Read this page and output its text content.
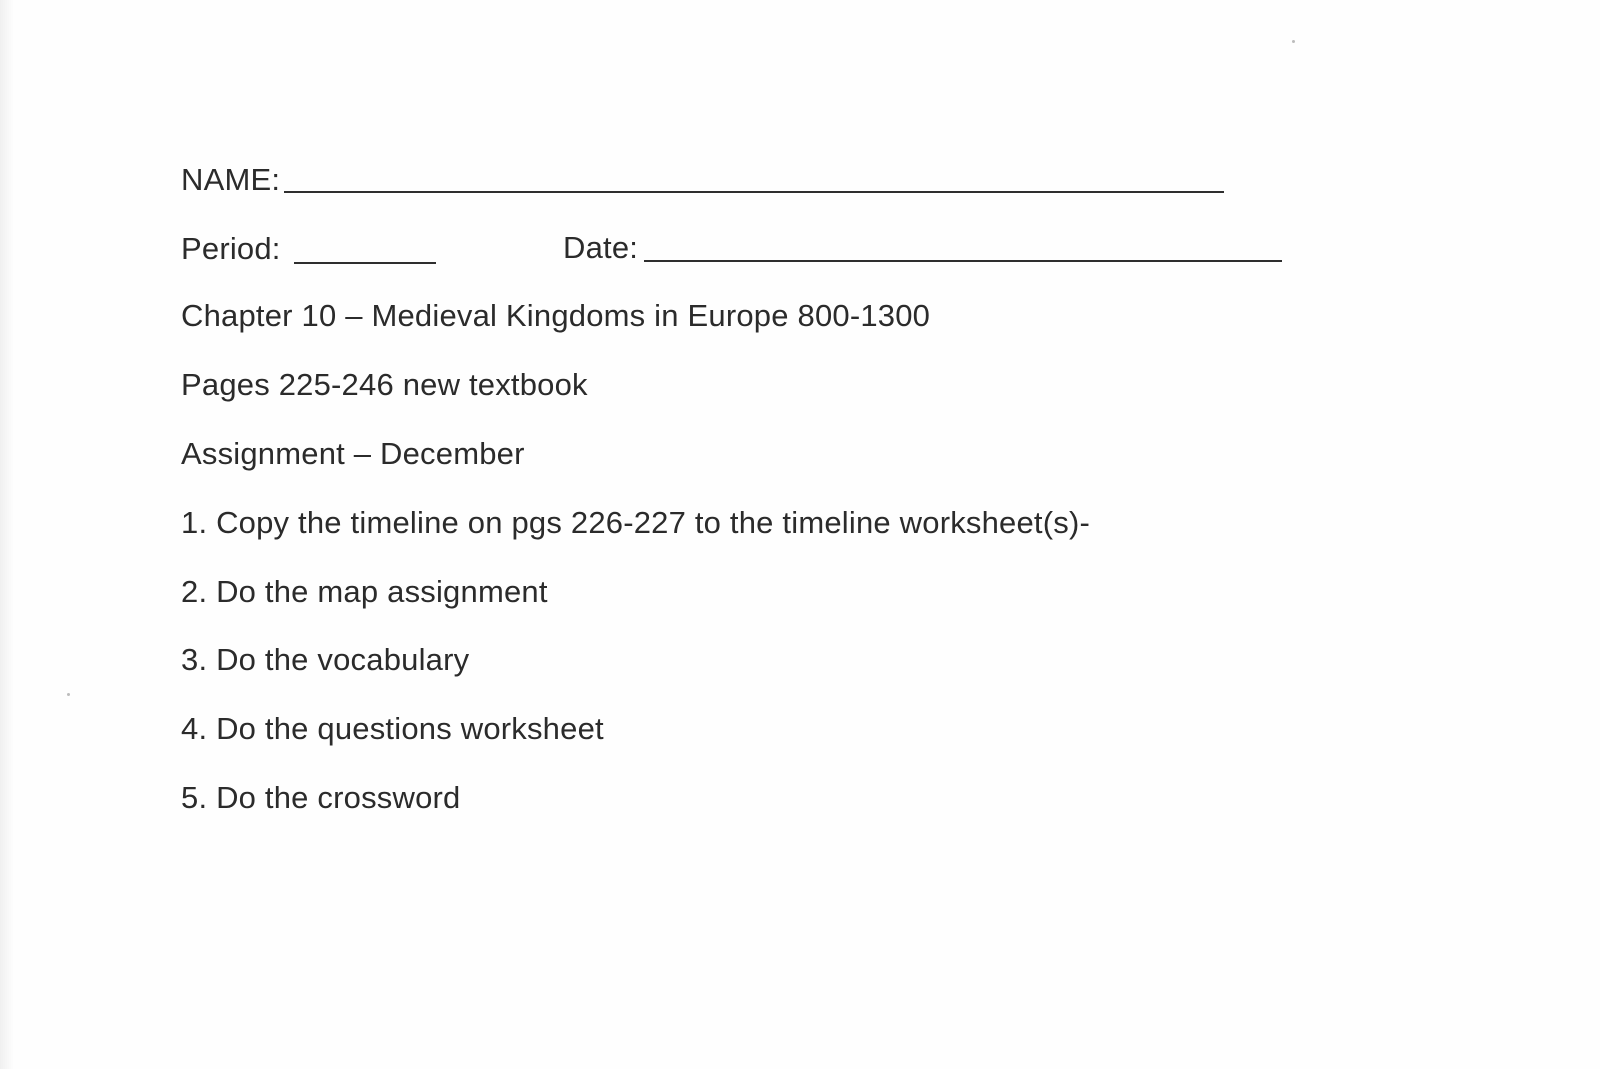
NAME:
Period:	Date:
Chapter 10 – Medieval Kingdoms in Europe 800-1300
Pages 225-246 new textbook
Assignment – December
1. Copy the timeline on pgs 226-227 to the timeline worksheet(s)-
2. Do the map assignment
3. Do the vocabulary
4. Do the questions worksheet
5. Do the crossword
